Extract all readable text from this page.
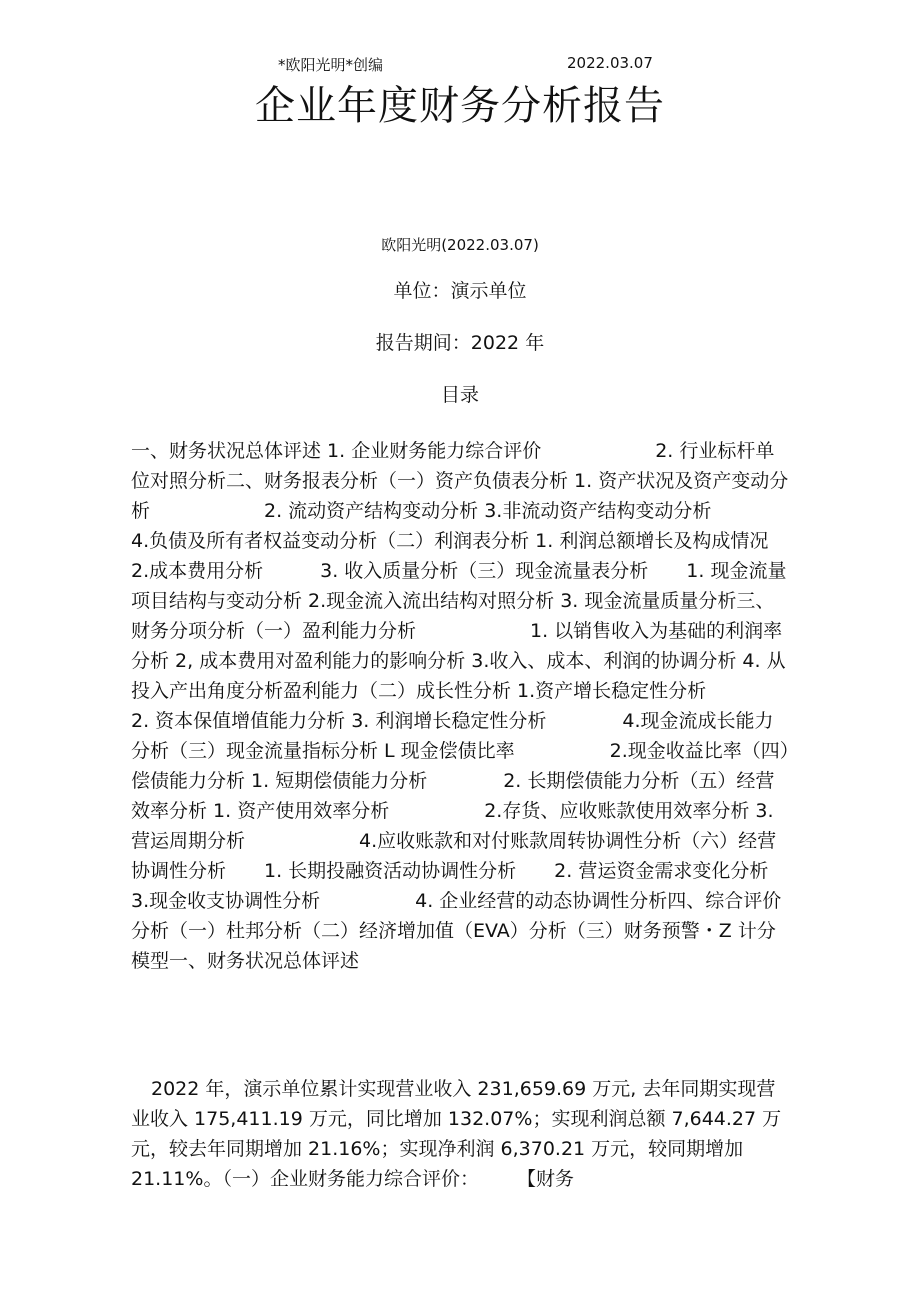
*欧阳光明*创编	2022.03.07
企业年度财务分析报告
欧阳光明(2022.03.07)
单位：演示单位
报告期间：2022 年
目录

一、财务状况总体评述 1. 企业财务能力综合评价　　　　　　2. 行业标杆单位对照分析二、财务报表分析（一）资产负债表分析 1. 资产状况及资产变动分析　　　　　　2. 流动资产结构变动分析 3.非流动资产结构变动分析　　　　4.负债及所有者权益变动分析（二）利润表分析 1. 利润总额增长及构成情况　　　　　2.成本费用分析　　　3. 收入质量分析（三）现金流量表分析　　1. 现金流量项目结构与变动分析 2.现金流入流出结构对照分析 3. 现金流量质量分析三、财务分项分析（一）盈利能力分析　　　　　　1. 以销售收入为基础的利润率分析 2, 成本费用对盈利能力的影响分析 3.收入、成本、利润的协调分析 4. 从投入产出角度分析盈利能力（二）成长性分析 1.资产增长稳定性分析　　　　　　　　　　2. 资本保值增值能力分析 3. 利润增长稳定性分析　　　　4.现金流成长能力分析（三）现金流量指标分析 L 现金偿债比率　　　　　2.现金收益比率（四）偿债能力分析 1. 短期偿债能力分析　　　　2. 长期偿债能力分析（五）经营效率分析 1. 资产使用效率分析　　　　　2.存货、应收账款使用效率分析 3.营运周期分析　　　　　　4.应收账款和对付账款周转协调性分析（六）经营协调性分析　　1. 长期投融资活动协调性分析　　2. 营运资金需求变化分析 3.现金收支协调性分析　　　　　4. 企业经营的动态协调性分析四、综合评价分析（一）杜邦分析（二）经济增加值（EVA）分析（三）财务预警・Z 计分模型一、财务状况总体评述

2022 年，演示单位累计实现营业收入 231,659.69 万元, 去年同期实现营业收入 175,411.19 万元，同比增加 132.07%；实现利润总额 7,644.27 万元，较去年同期增加 21.16%；实现净利润 6,370.21 万元，较同期增加 21.11%。（一）企业财务能力综合评价：　　　【财务
